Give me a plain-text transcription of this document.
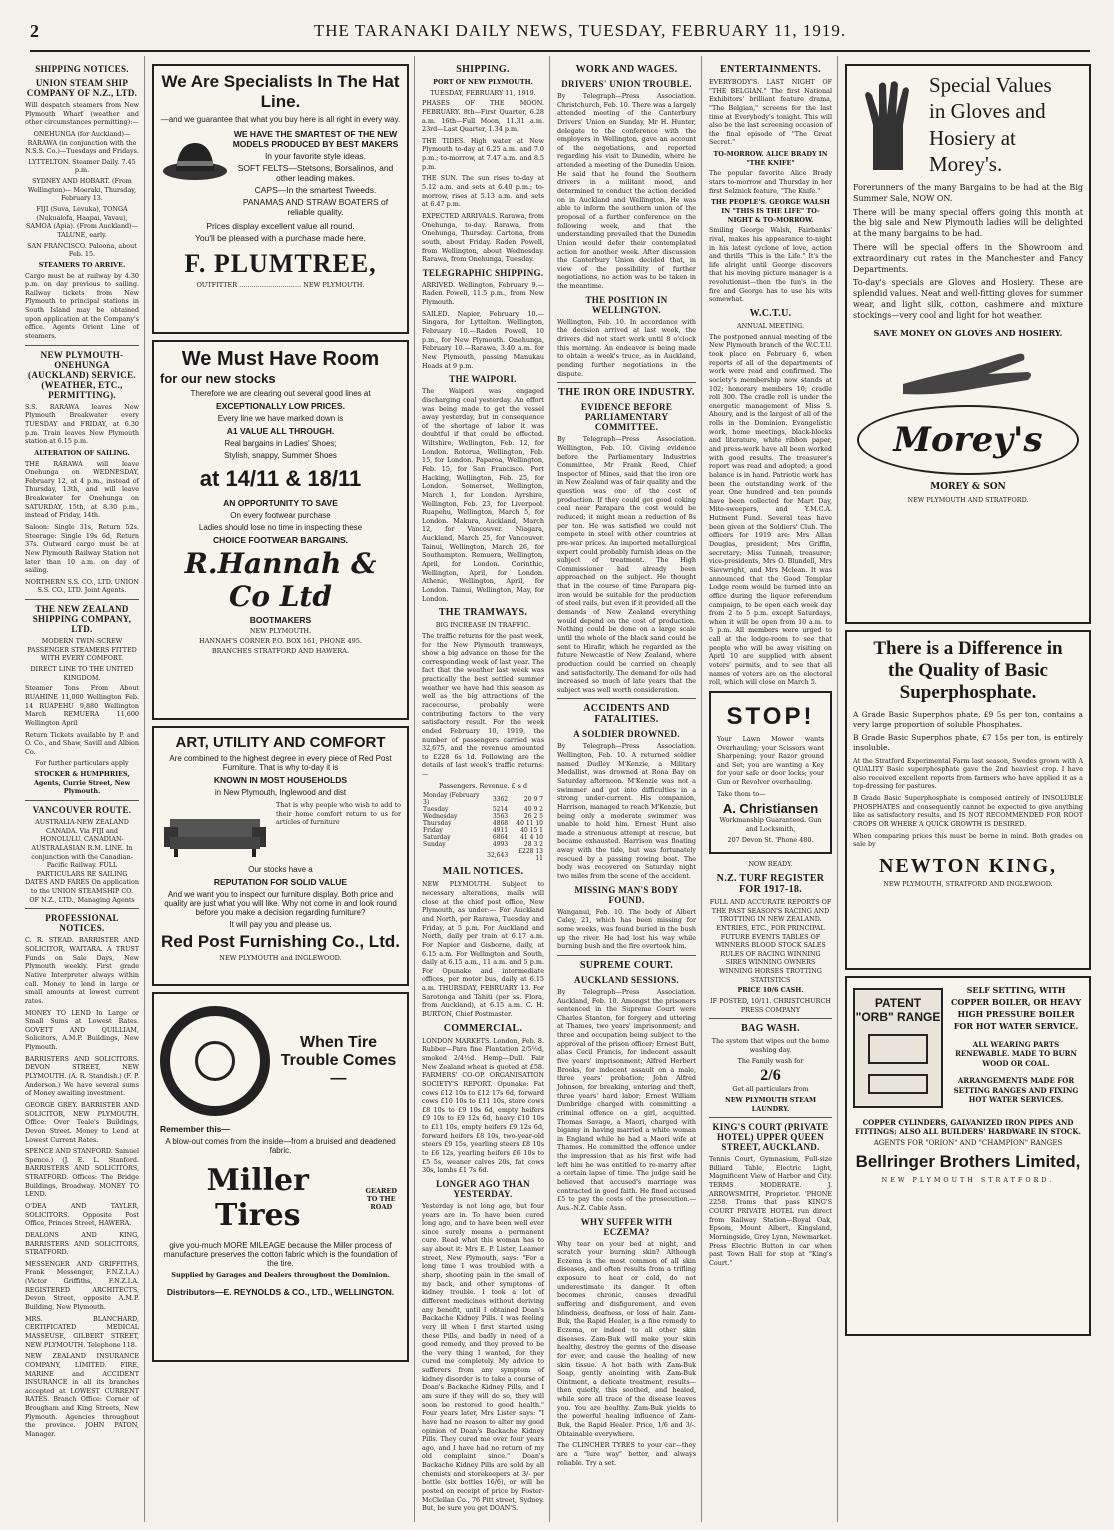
2	THE TARANAKI DAILY NEWS, TUESDAY, FEBRUARY 11, 1919.
SHIPPING NOTICES.
UNION STEAM SHIP COMPANY OF N.Z., LTD.

Will despatch steamers from New Plymouth Wharf (weather and other circumstances permitting):—

ONEHUNGA (for Auckland)— RARAWA (in conjunction with the N.S.S. Co.)—Tuesdays and Fridays.

LYTTELTON. Steamer Daily. 7.45 p.m.

SYDNEY AND HOBART. (From Wellington)— Moeraki, Thursday, February 13.

FIJI (Suva, Levuka), TONGA (Nukualofa, Haapai, Vavau), SAMOA (Apia). (From Auckland)— TALUNE, early.

SAN FRANCISCO. Paloona, about Feb. 15.

STEAMERS TO ARRIVE.

Cargo must be at railway by 4.30 p.m. on day previous to sailing. Railway tickets from New Plymouth to principal stations in South Island may be obtained upon application at the Company's office. Agents Orient Line of steamers.

NEW PLYMOUTH-ONEHUNGA (AUCKLAND) SERVICE. (WEATHER, ETC., PERMITTING).

S.S. RARAWA leaves New Plymouth Breakwater every TUESDAY and FRIDAY, at 6.30 p.m. Train leaves New Plymouth station at 6.15 p.m.

ALTERATION OF SAILING.

THE RARAWA will leave Onehunga on WEDNESDAY, February 12, at 4 p.m., instead of Thursday, 13th, and will leave Breakwater for Onehunga on SATURDAY, 15th, at 8.30 p.m., instead of Friday, 14th.

Saloon: Single 31s, Return 52s. Steerage: Single 19s 6d, Return 37s. Outward cargo must be at New Plymouth Railway Station not later than 10 a.m. on day of sailing.

NORTHERN S.S. CO., LTD. UNION S.S. CO., LTD. Joint Agents.

THE NEW ZEALAND SHIPPING COMPANY, LTD.

MODERN TWIN-SCREW PASSENGER STEAMERS FITTED WITH EVERY COMFORT.

DIRECT LINE TO THE UNITED KINGDOM.

Steamer Tons From About RUAHINE 11,000 Wellington Feb. 14 RUAPEHU 9,880 Wellington March REMUERA 11,600 Wellington April

Return Tickets available by P. and O. Co., and Shaw, Savill and Albion Co.

For further particulars apply

STOCKER & HUMPHRIES, Agents, Currie Street, New Plymouth.

VANCOUVER ROUTE.

AUSTRALIA-NEW ZEALAND CANADA. Via FIJI and HONOLULU. CANADIAN-AUSTRALASIAN R.M. LINE. In conjunction with the Canadian-Pacific Railway. FULL PARTICULARS RE SAILING DATES AND FARES On application to the UNION STEAMSHIP CO. OF N.Z., LTD., Managing Agents

PROFESSIONAL NOTICES.

C. R. STEAD. BARRISTER AND SOLICITOR, WAITARA. A TRUST Funds on Sale Days, New Plymouth weekly. First grade Native Interpreter always within call. Money to lend in large or small amounts at lowest current rates.

MONEY TO LEND In Large or Small Sums at Lowest Rates. GOVETT AND QUILLIAM, Solicitors, A.M.P. Buildings, New Plymouth.

BARRISTERS AND SOLICITORS. DEVON STREET, NEW PLYMOUTH. (A. R. Standish.) (F. P. Anderson.) We have several sums of Money awaiting investment.

GEORGE GREY. BARRISTER AND SOLICITOR, NEW PLYMOUTH. Office: Over Teale's Buildings, Devon Street. Money to Lend at Lowest Current Rates.

SPENCE AND STANFORD. Samuel Spence.) (J. E. L. Stanford. BARRISTERS AND SOLICITORS, STRATFORD. Offices: The Bridge Buildings, Broadway. MONEY TO LEND.

O'DEA AND TAYLER, SOLICITORS. Opposite Post Office, Princes Street, HAWERA.

DEALONS AND KING, BARRISTERS AND SOLICITORS, STRATFORD.

MESSENGER AND GRIFFITHS, Frank Messenger, F.N.Z.I.A.) (Victor Griffiths, F.N.Z.I.A. REGISTERED ARCHITECTS, Devon Street, opposite A.M.P. Building, New Plymouth.

MRS. BLANCHARD, CERTIFICATED MEDICAL MASSEUSE, GILBERT STREET, NEW PLYMOUTH. Telephone 118.

NEW ZEALAND INSURANCE COMPANY, LIMITED. FIRE, MARINE and ACCIDENT INSURANCE in all its branches accepted at LOWEST CURRENT RATES. Branch Office: Corner of Brougham and King Streets, New Plymouth. Agencies throughout the province. JOHN PATON, Manager.

We Are Specialists In The Hat Line.
—and we guarantee that what you buy here is all right in every way.
WE HAVE THE SMARTEST OF THE NEW MODELS PRODUCED BY BEST MAKERS
In your favorite style ideas.
SOFT FELTS—Stetsons, Borsalinos, and other leading makes.
CAPS—In the smartest Tweeds.
PANAMAS AND STRAW BOATERS of reliable quality.
Prices display excellent value all round.
You'll be pleased with a purchase made here.
F. PLUMTREE,
OUTFITTER .............................. NEW PLYMOUTH.
We Must Have Room
for our new stocks
Therefore we are clearing out several good lines at
EXCEPTIONALLY LOW PRICES.
Every line we have marked down is
A1 VALUE ALL THROUGH.
Real bargains in Ladies' Shoes;
Stylish, snappy, Summer Shoes
at 14/11 & 18/11
AN OPPORTUNITY TO SAVE
On every footwear purchase
Ladies should lose no time in inspecting these
CHOICE FOOTWEAR BARGAINS.
R.Hannah & Co Ltd
BOOTMAKERS
NEW PLYMOUTH.
HANNAH'S CORNER P.O. BOX 161, PHONE 495.
BRANCHES STRATFORD AND HAWERA.
ART, UTILITY AND COMFORT
Are combined to the highest degree in every piece of Red Post Furniture. That is why to-day it is
KNOWN IN MOST HOUSEHOLDS
in New Plymouth, Inglewood and dist
That is why people who wish to add to their home comfort return to us for articles of furniture
Our stocks have a
REPUTATION FOR SOLID VALUE
And we want you to inspect our furniture display. Both price and quality are just what you will like. Why not come in and look round before you make a decision regarding furniture?
It will pay you and please us.
Red Post Furnishing Co., Ltd.
NEW PLYMOUTH and INGLEWOOD.
When Tire Trouble Comes—
Remember this—
A blow-out comes from the inside—from a bruised and deadened fabric.
Miller Tires
GEARED TO THE ROAD
give you-much MORE MILEAGE because the Miller process of manufacture preserves the cotton fabric which is the foundation of the tire.
Supplied by Garages and Dealers throughout the Dominion.
Distributors—E. REYNOLDS & CO., LTD., WELLINGTON.
SHIPPING.

PORT OF NEW PLYMOUTH.

TUESDAY, FEBRUARY 11, 1919.

PHASES OF THE MOON. FEBRUARY. 8th—First Quarter, 6.28 a.m. 16th—Full Moon, 11.31 a.m. 23rd—Last Quarter, 1.34 p.m.

THE TIDES. High water at New Plymouth to-day at 6.25 a.m. and 7.0 p.m.; to-morrow, at 7.47 a.m. and 8.5 p.m.

THE SUN. The sun rises to-day at 5.12 a.m. and sets at 6.40 p.m.; to-morrow, rises at 5.13 a.m. and sets at 6.47 p.m.

EXPECTED ARRIVALS. Rarawa, from Onehunga, to-day. Rarawa, from Onehunga, Thursday. Cartona, from south, about Friday. Raden Powell, from Wellington, about Wednesday. Rarawa, from Onehunga, Tuesday.

TELEGRAPHIC SHIPPING.

ARRIVED. Wellington, February 9.—Raden Powell, 11.5 p.m., from New Plymouth.

SAILED. Napier, February 10.—Singara, for Lyttelton. Wellington, February 10.—Raden Powell, 10 p.m., for New Plymouth. Onehunga, February 10.—Rarawa, 3.40 a.m. for New Plymouth, passing Manukau Heads at 9 p.m.

THE WAIPORI.

The Waipori was engaged discharging coal yesterday. An effort was being made to get the vessel away yesterday, but in consequence of the shortage of labor it was doubtful if that could be effected. Wiltshire, Wellington, Feb. 12, for London. Rotorua, Wellington, Feb. 15, for London. Paparoa, Wellington, Feb. 15, for San Francisco. Port Hacking, Wellington, Feb. 25, for London. Somerset, Wellington, March 1, for London. Ayrshire, Wellington, Feb. 23, for Liverpool. Ruapehu, Wellington, March 5, for London. Makura, Auckland, March 12, for Vancouver. Niagara, Auckland, March 25, for Vancouver. Tainui, Wellington, March 26, for Southampton. Remuera, Wellington, April, for London. Corinthic, Wellington, April, for London. Athenic, Wellington, April, for London. Tainui, Wellington, May, for London.

THE TRAMWAYS.

BIG INCREASE IN TRAFFIC.

The traffic returns for the past week, for the New Plymouth tramways, show a big advance on those for the corresponding week of last year. The fact that the weather last week was practically the best settled summer weather we have had this season as well as the big attractions of the racecourse, probably were contributing factors to the very satisfactory result. For the week ended February 10, 1919, the number of passengers carried was 32,675, and the revenue amounted to £228 6s 1d. Following are the details of last week's traffic returns:—

Passengers. Revenue. £ s d

Monday (February 3)	3362	20 9 7
Tuesday	5214	40 9 2
Wednesday	3563	26 2 5
Thursday	4868	40 11 10
Friday	4911	40 15 1
Saturday	6864	41 4 10
Sunday	4993	28 3 2
	32,643	£228 13 11
MAIL NOTICES.

NEW PLYMOUTH. Subject to necessary alterations, mails will close at the chief post office, New Plymouth, as under:— For Auckland and North, per Rarawa, Tuesday and Friday, at 5 p.m. For Auckland and North, daily per train at 6.17 a.m. For Napier and Gisborne, daily, at 6.15 a.m. For Wellington and South, daily at 6.15 a.m., 11 a.m. and 5 p.m. For Opunake and intermediate offices, per motor bus, daily at 6.15 a.m. THURSDAY, FEBRUARY 13. For Sarotonga and Tahiti (per ss. Flora, from Auckland), at 6.15 a.m. C. H. BURTON, Chief Postmaster.

COMMERCIAL.

LONDON MARKETS. London, Feb. 8. Rubber—Para fine Plantation 2/5½d, smoked 2/4½d. Hemp—Dull. Fair New Zealand wheat is quoted at £58. FARMERS' CO-OP. ORGANISATION SOCIETY'S REPORT. Opunake: Fat cows £12 10s to £12 17s 6d, forward cows £10 10s to £11 10s, store cows £8 10s to £9 10s 6d, empty heifers £9 10s to £9 12s 6d, heavy £10 10s to £11 10s, empty heifers £9 12s 6d, forward heifers £8 10s, two-year-old steers £9 15s, yearling steers £8 10s to £6 12s, yearling heifers £6 10s to £5 5s, weaner calves 20s, fat cows 30s, lambs £1 7s 6d.

LONGER AGO THAN YESTERDAY.

Yesterday is not long ago, but four years are in. To have been cured long ago, and to have been well ever since surely means a permanent cure. Read what this woman has to say about it: Mrs E. P. Lister, Leamer street, New Plymouth, says: "For a long time I was troubled with a sharp, shooting pain in the small of my back, and other symptoms of kidney trouble. I took a lot of different medicines without deriving any benefit, until I obtained Doan's Backache Kidney Pills. I was feeling very ill when I first started using these Pills, and badly in need of a good remedy, and they proved to be the very thing I wanted, for they cured me completely. My advice to sufferers from any symptom of kidney disorder is to take a course of Doan's Backache Kidney Pills, and I am sure if they will do so, they will soon be restored to good health." Four years later, Mrs Lister says: "I have had no reason to alter my good opinion of Doan's Backache Kidney Pills. They cured me over four years ago, and I have had no return of my old complaint since." Doan's Backache Kidney Pills are sold by all chemists and storekeepers at 3/- per bottle (six bottles 16/6), or will be posted on receipt of price by Foster-McClellan Co., 76 Pitt street, Sydney. But, be sure you get DOAN'S.

WORK AND WAGES.
DRIVERS' UNION TROUBLE.

By Telegraph—Press Association. Christchurch, Feb. 10. There was a largely attended meeting of the Canterbury Drivers' Union on Sunday, Mr H. Hunter, delegate to the conference with the employers in Wellington, gave an account of the negotiations, and reported regarding his visit to Dunedin, where he attended a meeting of the Dunedin Union. He said that he found the Southern drivers in a militant mood, and determined to conduct the action decided on in Auckland and Wellington. He was able to inform the southern union of the proposal of a further conference on the following week, and that the understanding prevailed that the Dunedin Union would defer their contemplated action for another week. After discussion the Canterbury Union decided that, in view of the possibility of further negotiations, no action was to be taken in the meantime.

THE POSITION IN WELLINGTON.

Wellington, Feb. 10. In accordance with the decision arrived at last week, the drivers did not start work until 8 o'clock this morning. An endeavor is being made to obtain a week's truce, as in Auckland, pending further negotiations in the dispute.

THE IRON ORE INDUSTRY.
EVIDENCE BEFORE PARLIAMENTARY COMMITTEE.

By Telegraph—Press Association. Wellington, Feb. 10. Giving evidence before the Parliamentary Industries Committee, Mr Frank Reed, Chief Inspector of Mines, said that the iron ore in New Zealand was of fair quality and the question was one of the cost of production. If they could get good coking coal near Parapara the cost would be reduced; it might mean a reduction of 8s per ton. He was satisfied we could not compete in steel with other countries at pre-war prices. An imported metallurgical expert could probably furnish ideas on the subject of treatment. The High Commissioner had already been approached on the subject. He thought that in the course of time Parapara pig-iron would be suitable for the production of steel rails, but even if it provided all the demands of New Zealand everything would depend on the cost of production. Nothing could be done on a large scale until the whole of the black sand could be sent to Hirafir, which he regarded as the future Newcastle of New Zealand, where production could be carried on cheaply and satisfactorily. The demand for oils had increased so much of late years that the subject was well worth consideration.

ACCIDENTS AND FATALITIES.
A SOLDIER DROWNED.

By Telegraph—Press Association. Wellington, Feb. 10. A returned soldier named Dudley M'Kenzie, a Military Medallist, was drowned at Rona Bay on Saturday afternoon. M'Kenzie was not a swimmer and got into difficulties in a strong under-current. His companion, Harrison, managed to reach M'Kenzie, but being only a moderate swimmer was unable to hold him. Ernest Hunt also made a strenuous attempt at rescue, but became exhausted. Harrison was floating away with the tide, but was fortunately rescued by a passing rowing boat. The body was recovered on Saturday night two miles from the scene of the accident.

MISSING MAN'S BODY FOUND.

Wanganui, Feb. 10. The body of Albert Caley, 21, which has been missing for some weeks, was found buried in the bush up the river. He had lost his way while burning bush and the fire overtook him.

SUPREME COURT.
AUCKLAND SESSIONS.

By Telegraph—Press Association. Auckland, Feb. 10. Amongst the prisoners sentenced in the Supreme Court were Charles Stanton, for forgery and uttering at Thames, two years' imprisonment; and three and occupation being subject to the approval of the prison officer; Ernest Butt, alias Cecil Francis, for indecent assault five years' imprisonment; Alfred Herbert Brooks, for indecent assault on a male, three years' probation; John Alfred Johnson, for breaking, entering and theft, three years' hard labor; Ernest William Dunbridge charged with committing a criminal offence on a girl, acquitted. Thomas Savage, a Maori, charged with bigamy in having married a white woman in England while he had a Maori wife at Thames. He committed the offence under the impression that as his first wife had left him he was entitled to re-marry after a certain lapse of time. The judge said he believed that accused's marriage was contracted in good faith. He fined accused £5 to pay the costs of the prosecution.—Aus.-N.Z. Cable Assn.

WHY SUFFER WITH ECZEMA?

Why tear on your bed at night, and scratch your burning skin? Although Eczema is the most common of all skin diseases, and often results from a trifling exposure to heat or cold, do not underestimate its danger. It often becomes chronic, causes dreadful suffering and disfigurement, and even blindness, deafness, or loss of hair. Zam-Buk, the Rapid Healer, is a fine remedy to Eczema, or indeed to all other skin diseases. Zam-Buk will make your skin healthy, destroy the germs of the disease for ever, and cause the healing of new skin tissue. A hot bath with Zam-Buk Soap, gently anointing with Zam-Buk Ointment, a delicate treatment, results—then quietly, this soothed, and healed, while sore all trace of the disease leaves you. You are healthy. Zam-Buk yields to the powerful healing influence of Zam-Buk, the Rapid Healer. Price, 1/6 and 3/-. Obtainable everywhere.

The CLINCHER TYRES to your car—they are a "lure way" better, and always reliable. Try a set.

ENTERTAINMENTS.

EVERYBODY'S. LAST NIGHT OF "THE BELGIAN." The first National Exhibitors' brilliant feature drama, "The Belgian," screens for the last time at Everybody's tonight. This will also be the last screening occasion of the final episode of "The Great Secret."

TO-MORROW. ALICE BRADY IN "THE KNIFE"

The popular favorite Alice Brady stars to-morrow and Thursday in her first Selznick feature, "The Knife."

THE PEOPLE'S. GEORGE WALSH IN "THIS IS THE LIFE" TO-NIGHT & TO-MORROW.

Smiling George Walsh, Fairbanks' rival, makes his appearance to-night in his latest cyclone of love, action and thrills "This is the Life." It's the life alright until George discovers that his moving picture manager is a revolutionist—then the fun's in the fire and George has to use his wits somewhat.

W.C.T.U.

ANNUAL MEETING.

The postponed annual meeting of the New Plymouth branch of the W.C.T.U. took place on February 6, when reports of all of the departments of work were read and confirmed. The society's membership now stands at 102; honorary members 10; cradle roll 300. The cradle roll is under the energetic management of Miss S. Aboury, and is the largest of all of the rolls in the Dominion. Evangelistic work, home meetings, black-blocks and literature, white ribbon paper, and press-work have all been worked with good results. The treasurer's report was read and adopted; a good balance is in hand. Patriotic work has been the outstanding work of the year. One hundred and ten pounds have been collected for Mart Day, Mite-sweepers, and Y.M.C.A. Hutment Fund. Several teas have been given at the Soldiers' Club. The officers for 1919 are: Mrs Allan Douglas, president; Mrs Griffin, secretary; Miss Tunnah, treasurer; vice-presidents, Mrs O. Blundell, Mrs Sievwright, and Mrs Mclean. It was announced that the Good Templar Lodge room would be turned into an office during the liquor referendum campaign, to be open each week day from 2 to 5 p.m. except Saturdays, when it will be open from 10 a.m. to 5 p.m. All members were urged to call at the lodge-room to see that people who will be away visiting on April 10 are supplied with absent voters' permits, and to see that all names of voters are on the electoral roll, which will close on March 5.

STOP!

Your Lawn Mower wants Overhauling; your Scissors want Sharpening; your Razor ground and Set; you are wanting a Key for your safe or door locks; your Gun or Revolver overhauling.

Take them to—

A. Christiansen

Workmanship Guaranteed. Gun and Locksmith,

207 Devon St. 'Phone 480.

NOW READY.

N.Z. TURF REGISTER FOR 1917-18.

FULL AND ACCURATE REPORTS OF THE PAST SEASON'S RACING AND TROTTING IN NEW ZEALAND. ENTRIES, ETC., FOR PRINCIPAL FUTURE EVENTS TABLES OF WINNERS BLOOD STOCK SALES RULES OF RACING WINNING SIRES WINNING OWNERS WINNING HORSES TROTTING STATISTICS

PRICE 10/6 CASH.

IF POSTED, 10/11. CHRISTCHURCH PRESS COMPANY

BAG WASH.

The system that wipes out the home washing day.

The Family wash for

2/6

Get all particulars from

NEW PLYMOUTH STEAM LAUNDRY.

KING'S COURT (PRIVATE HOTEL) UPPER QUEEN STREET, AUCKLAND.

Tennis Court, Gymnasium, Full-size Billiard Table, Electric Light, Magnificent View of Harbor and City. TERMS MODERATE. J. ARROWSMITH, Proprietor. 'PHONE 2258. Trams that pass KING'S COURT PRIVATE HOTEL run direct from Railway Station—Royal Oak, Epsom, Mount Albert, Kingsland, Morningside, Grey Lynn, Newmarket. Press Electric Button in car when past Town Hall for stop at "King's Court."

Special Values
in Gloves and
Hosiery at
Morey's.

Forerunners of the many Bargains to be had at the Big Summer Sale, NOW ON.

There will be many special offers going this month at the big sale and New Plymouth ladies will be delighted at the many bargains to be had.

There will be special offers in the Showroom and extraordinary cut rates in the Manchester and Fancy Departments.

To-day's specials are Gloves and Hosiery. These are splendid values. Neat and well-fitting gloves for summer wear, and light silk, cotton, cashmere and mixture stockings—very cool and light for hot weather.

SAVE MONEY ON GLOVES AND HOSIERY.

Morey's

MOREY & SON

NEW PLYMOUTH AND STRATFORD.

There is a Difference in
the Quality of Basic
Superphosphate.

A Grade Basic Superphos phate, £9 5s per ton, contains a very large proportion of soluble Phosphates.

B Grade Basic Superphos phate, £7 15s per ton, is entirely insoluble.

At the Stratford Experimental Farm last season, Swedes grown with A QUALITY Basic superphosphate gave the 2nd heaviest crop. I have also received excellent reports from farmers who have applied it as a top-dressing for pastures.

B Grade Basic Superphosphate is composed entirely of INSOLUBLE PHOSPHATES and consequently cannot be expected to give anything like as satisfactory results, and IS NOT RECOMMENDED FOR ROOT CROPS OR WHERE A QUICK GROWTH IS DESIRED.

When comparing prices this must be borne in mind. Both grades on sale by

NEWTON KING,

NEW PLYMOUTH, STRATFORD AND INGLEWOOD.

PATENT "ORB" RANGE

SELF SETTING, WITH COPPER BOILER, OR HEAVY HIGH PRESSURE BOILER FOR HOT WATER SERVICE.

ALL WEARING PARTS RENEWABLE. MADE TO BURN WOOD OR COAL.

ARRANGEMENTS MADE FOR SETTING RANGES AND FIXING HOT WATER SERVICES.

COPPER CYLINDERS, GALVANIZED IRON PIPES AND FITTINGS; ALSO ALL BUILDERS' HARDWARE IN STOCK.

AGENTS FOR "ORION" AND "CHAMPION" RANGES

Bellringer Brothers Limited,

NEW PLYMOUTH STRATFORD.
